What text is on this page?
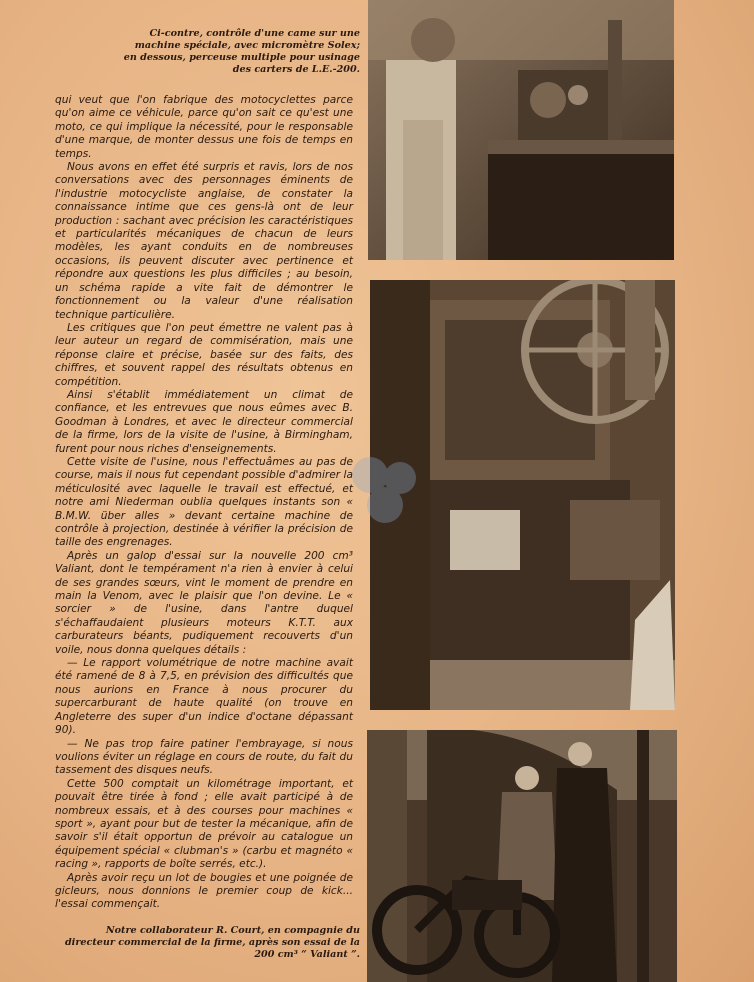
Ci-contre, contrôle d'une came sur une machine spéciale, avec micromètre Solex; en dessous, perceuse multiple pour usinage des carters de L.E.-200.

qui veut que l'on fabrique des motocyclettes parce qu'on aime ce véhicule, parce qu'on sait ce qu'est une moto, ce qui implique la nécessité, pour le responsable d'une marque, de monter dessus une fois de temps en temps.

Nous avons en effet été surpris et ravis, lors de nos conversations avec des personnages éminents de l'industrie motocycliste anglaise, de constater la connaissance intime que ces gens-là ont de leur production : sachant avec précision les caractéristiques et particularités mécaniques de chacun de leurs modèles, les ayant conduits en de nombreuses occasions, ils peuvent discuter avec pertinence et répondre aux questions les plus difficiles ; au besoin, un schéma rapide a vite fait de démontrer le fonctionnement ou la valeur d'une réalisation technique particulière.

Les critiques que l'on peut émettre ne valent pas à leur auteur un regard de commisération, mais une réponse claire et précise, basée sur des faits, des chiffres, et souvent rappel des résultats obtenus en compétition.

Ainsi s'établit immédiatement un climat de confiance, et les entrevues que nous eûmes avec B. Goodman à Londres, et avec le directeur commercial de la firme, lors de la visite de l'usine, à Birmingham, furent pour nous riches d'enseignements.

Cette visite de l'usine, nous l'effectuâmes au pas de course, mais il nous fut cependant possible d'admirer la méticulosité avec laquelle le travail est effectué, et notre ami Niederman oublia quelques instants son « B.M.W. über alles » devant certaine machine de contrôle à projection, destinée à vérifier la précision de taille des engrenages.

Après un galop d'essai sur la nouvelle 200 cm³ Valiant, dont le tempérament n'a rien à envier à celui de ses grandes sœurs, vint le moment de prendre en main la Venom, avec le plaisir que l'on devine. Le « sorcier » de l'usine, dans l'antre duquel s'échaffaudaient plusieurs moteurs K.T.T. aux carburateurs béants, pudiquement recouverts d'un voile, nous donna quelques détails :

— Le rapport volumétrique de notre machine avait été ramené de 8 à 7,5, en prévision des difficultés que nous aurions en France à nous procurer du supercarburant de haute qualité (on trouve en Angleterre des super d'un indice d'octane dépassant 90).

— Ne pas trop faire patiner l'embrayage, si nous voulions éviter un réglage en cours de route, du fait du tassement des disques neufs.

Cette 500 comptait un kilométrage important, et pouvait être tirée à fond ; elle avait participé à de nombreux essais, et à des courses pour machines « sport », ayant pour but de tester la mécanique, afin de savoir s'il était opportun de prévoir au catalogue un équipement spécial « clubman's » (carbu et magnéto « racing », rapports de boîte serrés, etc.).

Après avoir reçu un lot de bougies et une poignée de gicleurs, nous donnions le premier coup de kick... l'essai commençait.

Notre collaborateur R. Court, en compagnie du directeur commercial de la firme, après son essai de la 200 cm³ “ Valiant ”.
